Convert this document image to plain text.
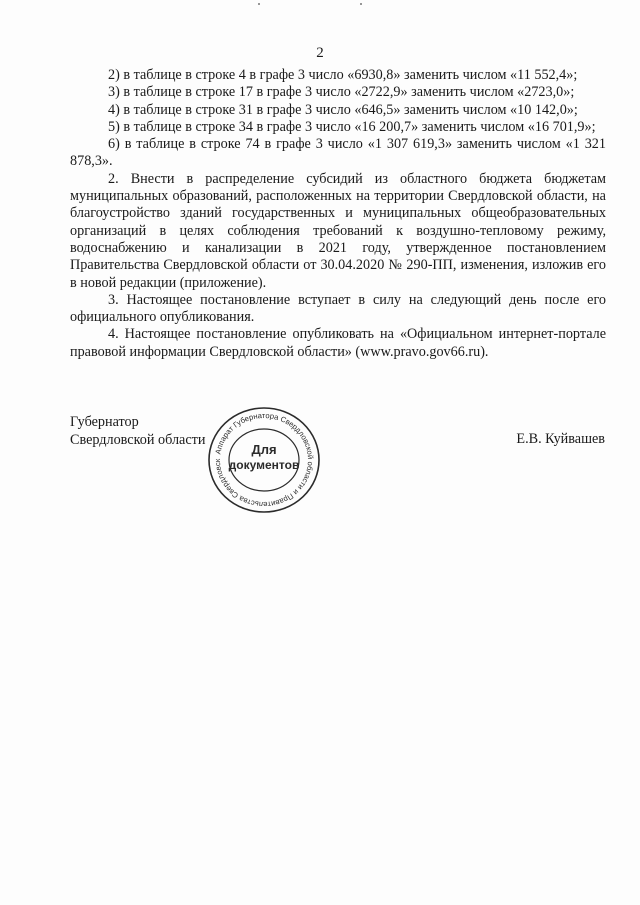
2

2) в таблице в строке 4 в графе 3 число «6930,8» заменить числом «11 552,4»;

3) в таблице в строке 17 в графе 3 число «2722,9» заменить числом «2723,0»;

4) в таблице в строке 31 в графе 3 число «646,5» заменить числом «10 142,0»;

5) в таблице в строке 34 в графе 3 число «16 200,7» заменить числом «16 701,9»;

6) в таблице в строке 74 в графе 3 число «1 307 619,3» заменить числом «1 321 878,3».

2. Внести в распределение субсидий из областного бюджета бюджетам муниципальных образований, расположенных на территории Свердловской области, на благоустройство зданий государственных и муниципальных общеобразовательных организаций в целях соблюдения требований к воздушно-тепловому режиму, водоснабжению и канализации в 2021 году, утвержденное постановлением Правительства Свердловской области от 30.04.2020 № 290-ПП, изменения, изложив его в новой редакции (приложение).

3. Настоящее постановление вступает в силу на следующий день после его официального опубликования.

4. Настоящее постановление опубликовать на «Официальном интернет-портале правовой информации Свердловской области» (www.pravo.gov66.ru).

Губернатор
Свердловской области	Е.В. Куйвашев
Аппарат Губернатора Свердловской области и Правительства Свердловск
Для
документов
